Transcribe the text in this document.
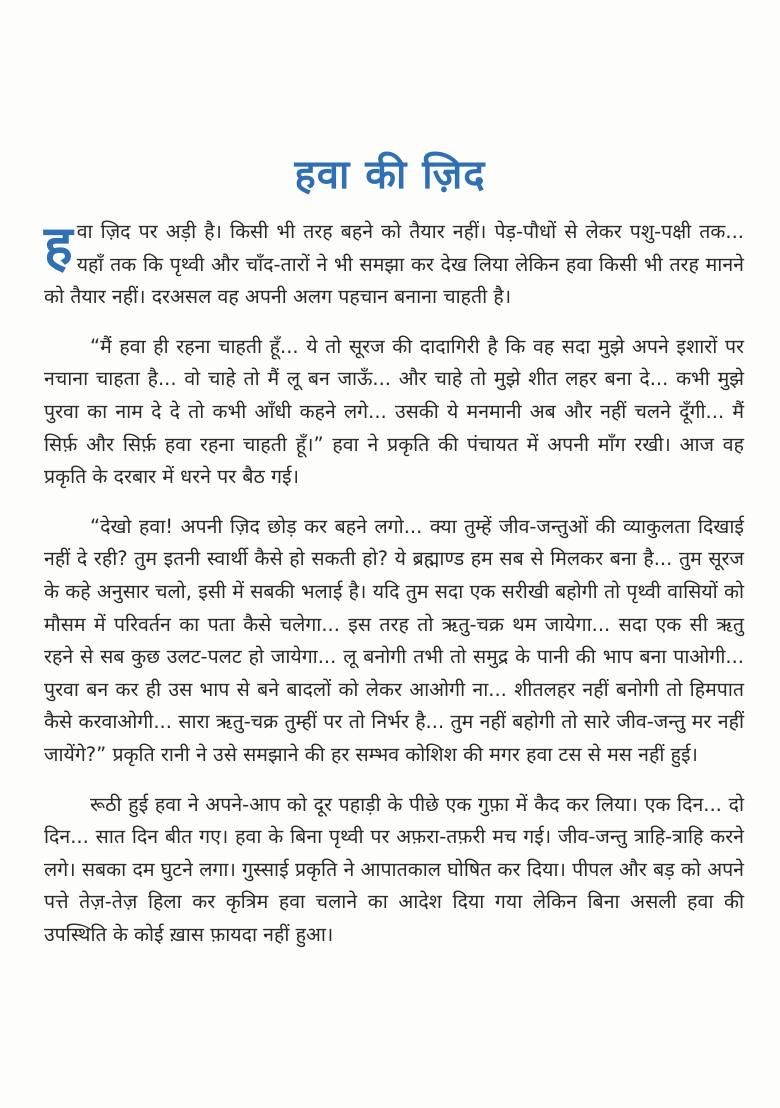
हवा की ज़िद

हवा ज़िद पर अड़ी है। किसी भी तरह बहने को तैयार नहीं। पेड़-पौधों से लेकर पशु-पक्षी तक... यहाँ तक कि पृथ्वी और चाँद-तारों ने भी समझा कर देख लिया लेकिन हवा किसी भी तरह मानने को तैयार नहीं। दरअसल वह अपनी अलग पहचान बनाना चाहती है।

“मैं हवा ही रहना चाहती हूँ... ये तो सूरज की दादागिरी है कि वह सदा मुझे अपने इशारों पर नचाना चाहता है... वो चाहे तो मैं लू बन जाऊँ... और चाहे तो मुझे शीत लहर बना दे... कभी मुझे पुरवा का नाम दे दे तो कभी आँधी कहने लगे... उसकी ये मनमानी अब और नहीं चलने दूँगी... मैं सिर्फ़ और सिर्फ़ हवा रहना चाहती हूँ।” हवा ने प्रकृति की पंचायत में अपनी माँग रखी। आज वह प्रकृति के दरबार में धरने पर बैठ गई।

“देखो हवा! अपनी ज़िद छोड़ कर बहने लगो... क्या तुम्हें जीव-जन्तुओं की व्याकुलता दिखाई नहीं दे रही? तुम इतनी स्वार्थी कैसे हो सकती हो? ये ब्रह्माण्ड हम सब से मिलकर बना है... तुम सूरज के कहे अनुसार चलो, इसी में सबकी भलाई है। यदि तुम सदा एक सरीखी बहोगी तो पृथ्वी वासियों को मौसम में परिवर्तन का पता कैसे चलेगा... इस तरह तो ऋतु-चक्र थम जायेगा... सदा एक सी ऋतु रहने से सब कुछ उलट-पलट हो जायेगा... लू बनोगी तभी तो समुद्र के पानी की भाप बना पाओगी... पुरवा बन कर ही उस भाप से बने बादलों को लेकर आओगी ना... शीतलहर नहीं बनोगी तो हिमपात कैसे करवाओगी... सारा ऋतु-चक्र तुम्हीं पर तो निर्भर है... तुम नहीं बहोगी तो सारे जीव-जन्तु मर नहीं जायेंगे?” प्रकृति रानी ने उसे समझाने की हर सम्भव कोशिश की मगर हवा टस से मस नहीं हुई।

रूठी हुई हवा ने अपने-आप को दूर पहाड़ी के पीछे एक गुफ़ा में कैद कर लिया। एक दिन... दो दिन... सात दिन बीत गए। हवा के बिना पृथ्वी पर अफ़रा-तफ़री मच गई। जीव-जन्तु त्राहि-त्राहि करने लगे। सबका दम घुटने लगा। गुस्साई प्रकृति ने आपातकाल घोषित कर दिया। पीपल और बड़ को अपने पत्ते तेज़-तेज़ हिला कर कृत्रिम हवा चलाने का आदेश दिया गया लेकिन बिना असली हवा की उपस्थिति के कोई ख़ास फ़ायदा नहीं हुआ।
